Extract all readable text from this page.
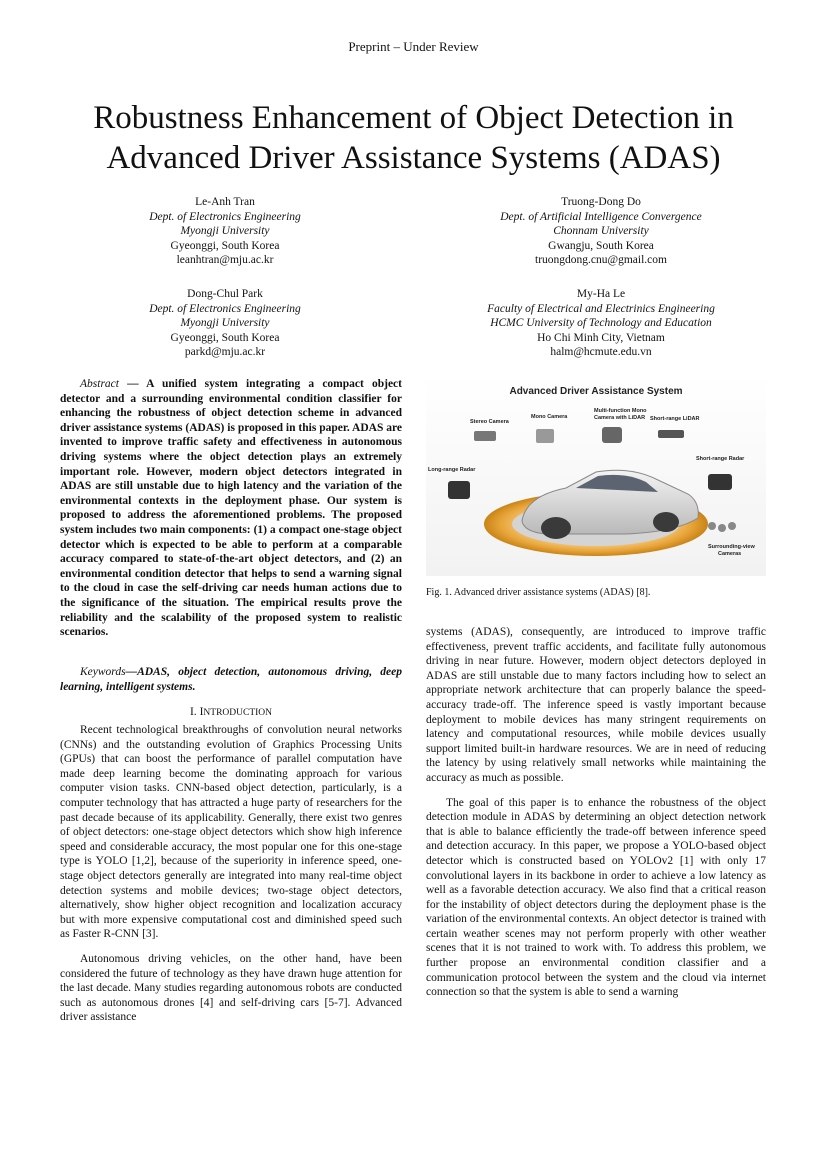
Preprint – Under Review
Robustness Enhancement of Object Detection in
Advanced Driver Assistance Systems (ADAS)
Le-Anh Tran
Dept. of Electronics Engineering
Myongji University
Gyeonggi, South Korea
leanhtran@mju.ac.kr
Truong-Dong Do
Dept. of Artificial Intelligence Convergence
Chonnam University
Gwangju, South Korea
truongdong.cnu@gmail.com
Dong-Chul Park
Dept. of Electronics Engineering
Myongji University
Gyeonggi, South Korea
parkd@mju.ac.kr
My-Ha Le
Faculty of Electrical and Electrinics Engineering
HCMC University of Technology and Education
Ho Chi Minh City, Vietnam
halm@hcmute.edu.vn

Abstract — A unified system integrating a compact object detector and a surrounding environmental condition classifier for enhancing the robustness of object detection scheme in advanced driver assistance systems (ADAS) is proposed in this paper. ADAS are invented to improve traffic safety and effectiveness in autonomous driving systems where the object detection plays an extremely important role. However, modern object detectors integrated in ADAS are still unstable due to high latency and the variation of the environmental contexts in the deployment phase. Our system is proposed to address the aforementioned problems. The proposed system includes two main components: (1) a compact one-stage object detector which is expected to be able to perform at a comparable accuracy compared to state-of-the-art object detectors, and (2) an environmental condition detector that helps to send a warning signal to the cloud in case the self-driving car needs human actions due to the significance of the situation. The empirical results prove the reliability and the scalability of the proposed system to realistic scenarios.

Keywords—ADAS, object detection, autonomous driving, deep learning, intelligent systems.

I. INTRODUCTION

Recent technological breakthroughs of convolution neural networks (CNNs) and the outstanding evolution of Graphics Processing Units (GPUs) that can boost the performance of parallel computation have made deep learning become the dominating approach for various computer vision tasks. CNN-based object detection, particularly, is a computer technology that has attracted a huge party of researchers for the past decade because of its applicability. Generally, there exist two genres of object detectors: one-stage object detectors which show high inference speed and considerable accuracy, the most popular one for this one-stage type is YOLO [1,2], because of the superiority in inference speed, one-stage object detectors generally are integrated into many real-time object detection systems and mobile devices; two-stage object detectors, alternatively, show higher object recognition and localization accuracy but with more expensive computational cost and diminished speed such as Faster R-CNN [3].

Autonomous driving vehicles, on the other hand, have been considered the future of technology as they have drawn huge attention for the last decade. Many studies regarding autonomous robots are conducted such as autonomous drones [4] and self-driving cars [5-7]. Advanced driver assistance

Advanced Driver Assistance System
Stereo Camera
Mono Camera
Multi-function Mono
Camera with LiDAR Short-range LiDAR
Long-range Radar
Short-range Radar
Surrounding-view
Cameras
Fig. 1. Advanced driver assistance systems (ADAS) [8].

systems (ADAS), consequently, are introduced to improve traffic effectiveness, prevent traffic accidents, and facilitate fully autonomous driving in near future. However, modern object detectors deployed in ADAS are still unstable due to many factors including how to select an appropriate network architecture that can properly balance the speed-accuracy trade-off. The inference speed is vastly important because deployment to mobile devices has many stringent requirements on latency and computational resources, while mobile devices usually support limited built-in hardware resources. We are in need of reducing the latency by using relatively small networks while maintaining the accuracy as much as possible.

The goal of this paper is to enhance the robustness of the object detection module in ADAS by determining an object detection network that is able to balance efficiently the trade-off between inference speed and detection accuracy. In this paper, we propose a YOLO-based object detector which is constructed based on YOLOv2 [1] with only 17 convolutional layers in its backbone in order to achieve a low latency as well as a favorable detection accuracy. We also find that a critical reason for the instability of object detectors during the deployment phase is the variation of the environmental contexts. An object detector is trained with certain weather scenes may not perform properly with other weather scenes that it is not trained to work with. To address this problem, we further propose an environmental condition classifier and a communication protocol between the system and the cloud via internet connection so that the system is able to send a warning
